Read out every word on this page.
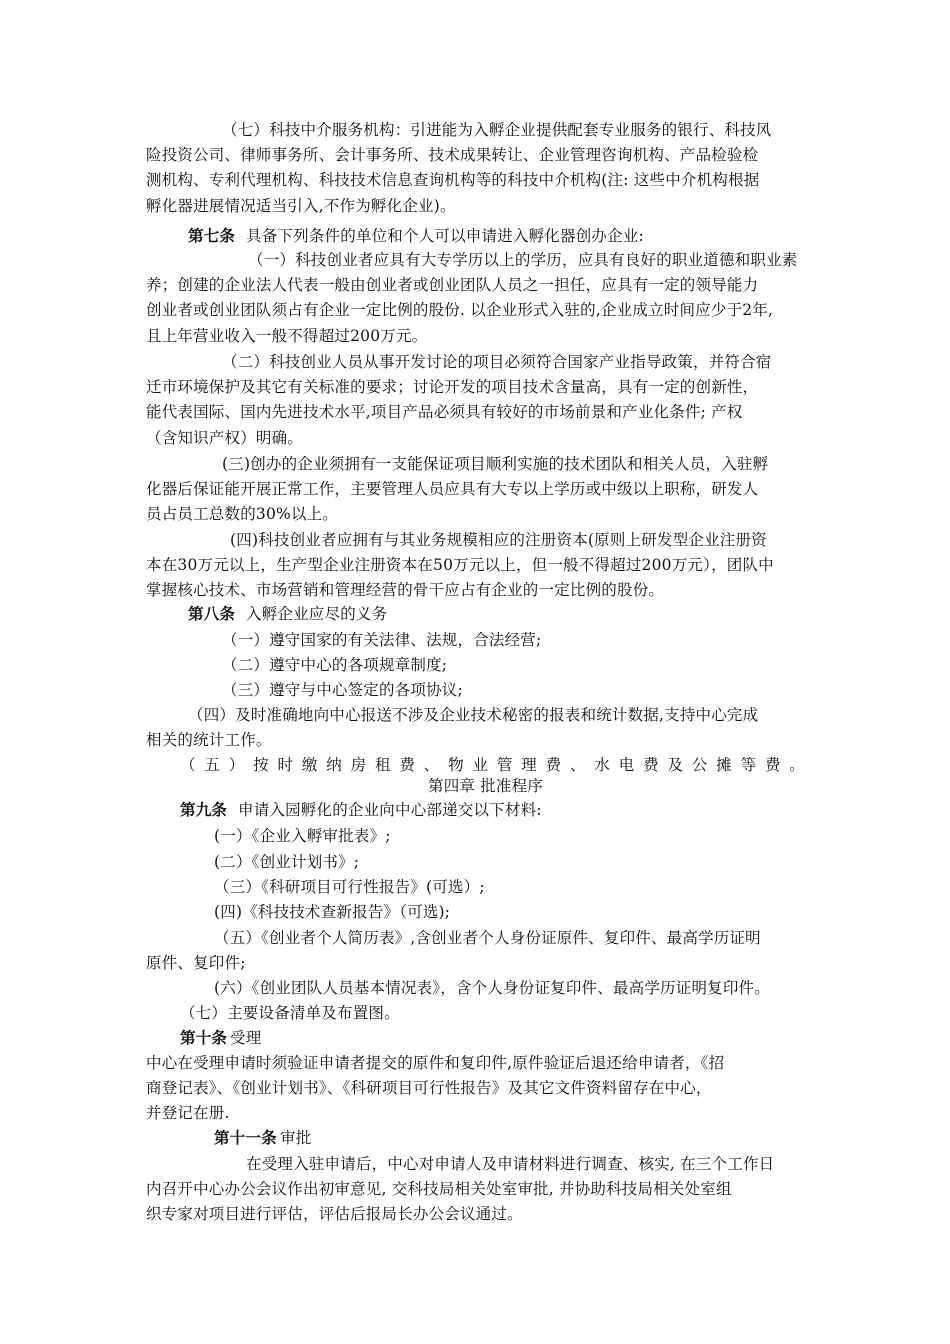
（七）科技中介服务机构：引进能为入孵企业提供配套专业服务的银行、科技风
险投资公司、律师事务所、会计事务所、技术成果转让、企业管理咨询机构、产品检验检
测机构、专利代理机构、科技技术信息查询机构等的科技中介机构(注: 这些中介机构根据
孵化器进展情况适当引入,不作为孵化企业)。
第七条 具备下列条件的单位和个人可以申请进入孵化器创办企业:
（一）科技创业者应具有大专学历以上的学历，应具有良好的职业道德和职业素
养；创建的企业法人代表一般由创业者或创业团队人员之一担任，应具有一定的领导能力
创业者或创业团队须占有企业一定比例的股份. 以企业形式入驻的,企业成立时间应少于2年,
且上年营业收入一般不得超过200万元。
（二）科技创业人员从事开发讨论的项目必须符合国家产业指导政策，并符合宿
迁市环境保护及其它有关标准的要求；讨论开发的项目技术含量高，具有一定的创新性，
能代表国际、国内先进技术水平,项目产品必须具有较好的市场前景和产业化条件; 产权
（含知识产权）明确。
(三)创办的企业须拥有一支能保证项目顺利实施的技术团队和相关人员，入驻孵
化器后保证能开展正常工作，主要管理人员应具有大专以上学历或中级以上职称，研发人
员占员工总数的30%以上。
(四)科技创业者应拥有与其业务规模相应的注册资本(原则上研发型企业注册资
本在30万元以上，生产型企业注册资本在50万元以上，但一般不得超过200万元），团队中
掌握核心技术、市场营销和管理经营的骨干应占有企业的一定比例的股份。
第八条 入孵企业应尽的义务
（一）遵守国家的有关法律、法规，合法经营;
（二）遵守中心的各项规章制度;
（三）遵守与中心签定的各项协议;
（四）及时准确地向中心报送不涉及企业技术秘密的报表和统计数据,支持中心完成
相关的统计工作。
（五）按时缴纳房租费、物业管理费、水电费及公摊等费。
第四章 批准程序
第九条 申请入园孵化的企业向中心部递交以下材料:
(一）《企业入孵审批表》;
(二）《创业计划书》;
（三）《科研项目可行性报告》(可选）;
(四)《科技技术查新报告》（可选);
（五）《创业者个人简历表》,含创业者个人身份证原件、复印件、最高学历证明
原件、复印件;
(六）《创业团队人员基本情况表》，含个人身份证复印件、最高学历证明复印件。
（七）主要设备清单及布置图。
第十条 受理
中心在受理申请时须验证申请者提交的原件和复印件,原件验证后退还给申请者，《招
商登记表》、《创业计划书》、《科研项目可行性报告》及其它文件资料留存在中心，
并登记在册.
第十一条 审批
在受理入驻申请后，中心对申请人及申请材料进行调查、核实, 在三个工作日
内召开中心办公会议作出初审意见, 交科技局相关处室审批, 并协助科技局相关处室组
织专家对项目进行评估，评估后报局长办公会议通过。
